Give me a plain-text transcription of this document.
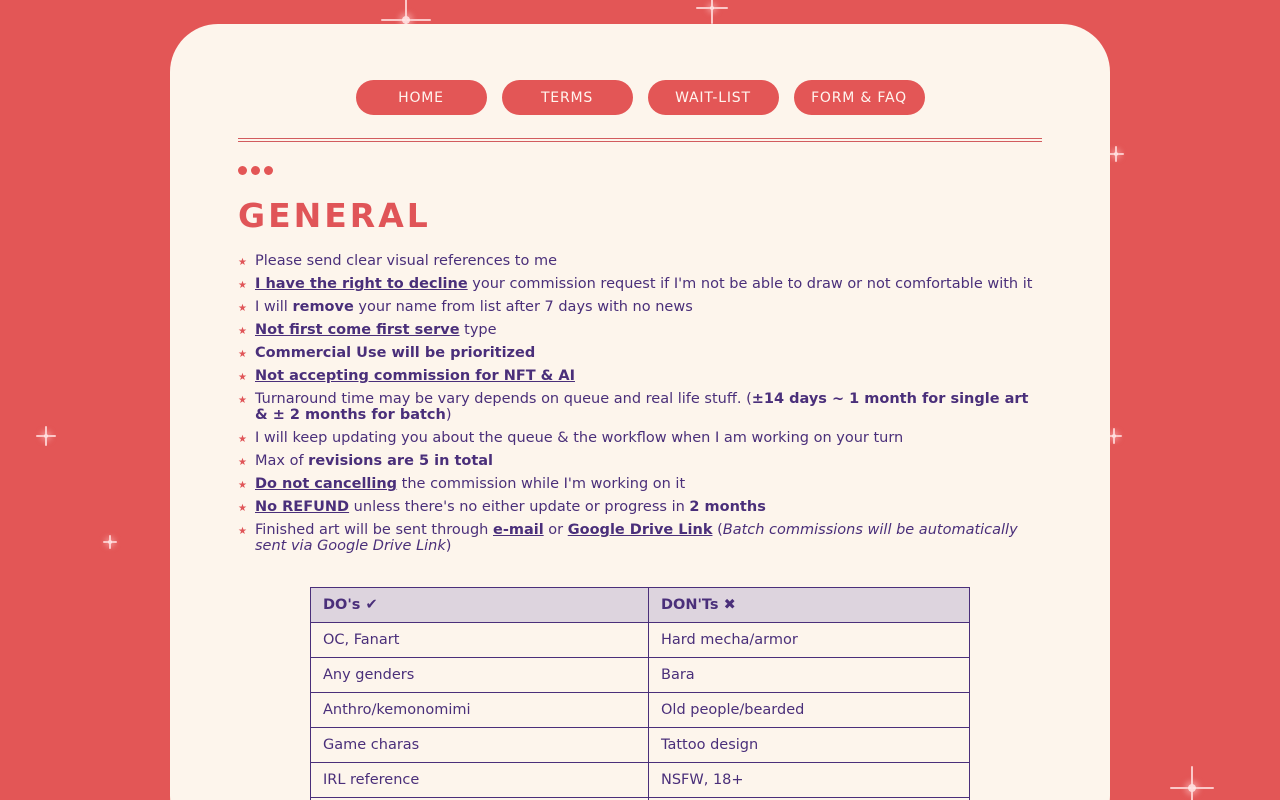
HOME	TERMS	WAIT-LIST	FORM & FAQ
GENERAL
★ Please send clear visual references to me
★ I have the right to decline your commission request if I'm not be able to draw or not comfortable with it
★ I will remove your name from list after 7 days with no news
★ Not first come first serve type
★ Commercial Use will be prioritized
★ Not accepting commission for NFT & AI
★ Turnaround time may be vary depends on queue and real life stuff. (±14 days ~ 1 month for single art & ± 2 months for batch)
★ I will keep updating you about the queue & the workflow when I am working on your turn
★ Max of revisions are 5 in total
★ Do not cancelling the commission while I'm working on it
★ No REFUND unless there's no either update or progress in 2 months
★ Finished art will be sent through e-mail or Google Drive Link (Batch commissions will be automatically sent via Google Drive Link)
DO's ✔	DON'Ts ✖
OC, Fanart	Hard mecha/armor
Any genders	Bara
Anthro/kemonomimi	Old people/bearded
Game charas	Tattoo design
IRL reference	NSFW, 18+
